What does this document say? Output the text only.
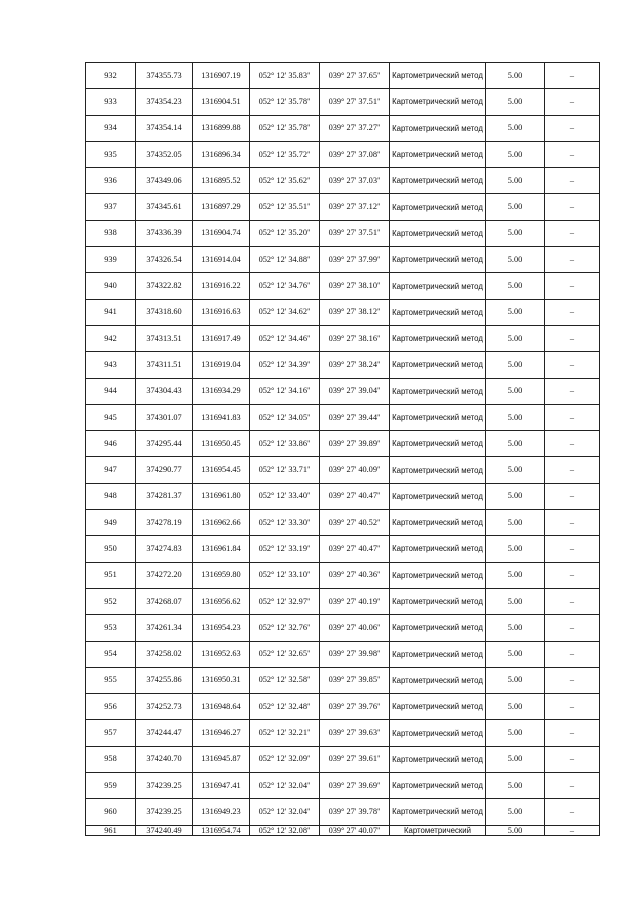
932	374355.73	1316907.19	052° 12' 35.83"	039° 27' 37.65"	Картометрический метод	5.00	–
933	374354.23	1316904.51	052° 12' 35.78"	039° 27' 37.51"	Картометрический метод	5.00	–
934	374354.14	1316899.88	052° 12' 35.78"	039° 27' 37.27"	Картометрический метод	5.00	–
935	374352.05	1316896.34	052° 12' 35.72"	039° 27' 37.08"	Картометрический метод	5.00	–
936	374349.06	1316895.52	052° 12' 35.62"	039° 27' 37.03"	Картометрический метод	5.00	–
937	374345.61	1316897.29	052° 12' 35.51"	039° 27' 37.12"	Картометрический метод	5.00	–
938	374336.39	1316904.74	052° 12' 35.20"	039° 27' 37.51"	Картометрический метод	5.00	–
939	374326.54	1316914.04	052° 12' 34.88"	039° 27' 37.99"	Картометрический метод	5.00	–
940	374322.82	1316916.22	052° 12' 34.76"	039° 27' 38.10"	Картометрический метод	5.00	–
941	374318.60	1316916.63	052° 12' 34.62"	039° 27' 38.12"	Картометрический метод	5.00	–
942	374313.51	1316917.49	052° 12' 34.46"	039° 27' 38.16"	Картометрический метод	5.00	–
943	374311.51	1316919.04	052° 12' 34.39"	039° 27' 38.24"	Картометрический метод	5.00	–
944	374304.43	1316934.29	052° 12' 34.16"	039° 27' 39.04"	Картометрический метод	5.00	–
945	374301.07	1316941.83	052° 12' 34.05"	039° 27' 39.44"	Картометрический метод	5.00	–
946	374295.44	1316950.45	052° 12' 33.86"	039° 27' 39.89"	Картометрический метод	5.00	–
947	374290.77	1316954.45	052° 12' 33.71"	039° 27' 40.09"	Картометрический метод	5.00	–
948	374281.37	1316961.80	052° 12' 33.40"	039° 27' 40.47"	Картометрический метод	5.00	–
949	374278.19	1316962.66	052° 12' 33.30"	039° 27' 40.52"	Картометрический метод	5.00	–
950	374274.83	1316961.84	052° 12' 33.19"	039° 27' 40.47"	Картометрический метод	5.00	–
951	374272.20	1316959.80	052° 12' 33.10"	039° 27' 40.36"	Картометрический метод	5.00	–
952	374268.07	1316956.62	052° 12' 32.97"	039° 27' 40.19"	Картометрический метод	5.00	–
953	374261.34	1316954.23	052° 12' 32.76"	039° 27' 40.06"	Картометрический метод	5.00	–
954	374258.02	1316952.63	052° 12' 32.65"	039° 27' 39.98"	Картометрический метод	5.00	–
955	374255.86	1316950.31	052° 12' 32.58"	039° 27' 39.85"	Картометрический метод	5.00	–
956	374252.73	1316948.64	052° 12' 32.48"	039° 27' 39.76"	Картометрический метод	5.00	–
957	374244.47	1316946.27	052° 12' 32.21"	039° 27' 39.63"	Картометрический метод	5.00	–
958	374240.70	1316945.87	052° 12' 32.09"	039° 27' 39.61"	Картометрический метод	5.00	–
959	374239.25	1316947.41	052° 12' 32.04"	039° 27' 39.69"	Картометрический метод	5.00	–
960	374239.25	1316949.23	052° 12' 32.04"	039° 27' 39.78"	Картометрический метод	5.00	–
961	374240.49	1316954.74	052° 12' 32.08"	039° 27' 40.07"	Картометрический	5.00	–
